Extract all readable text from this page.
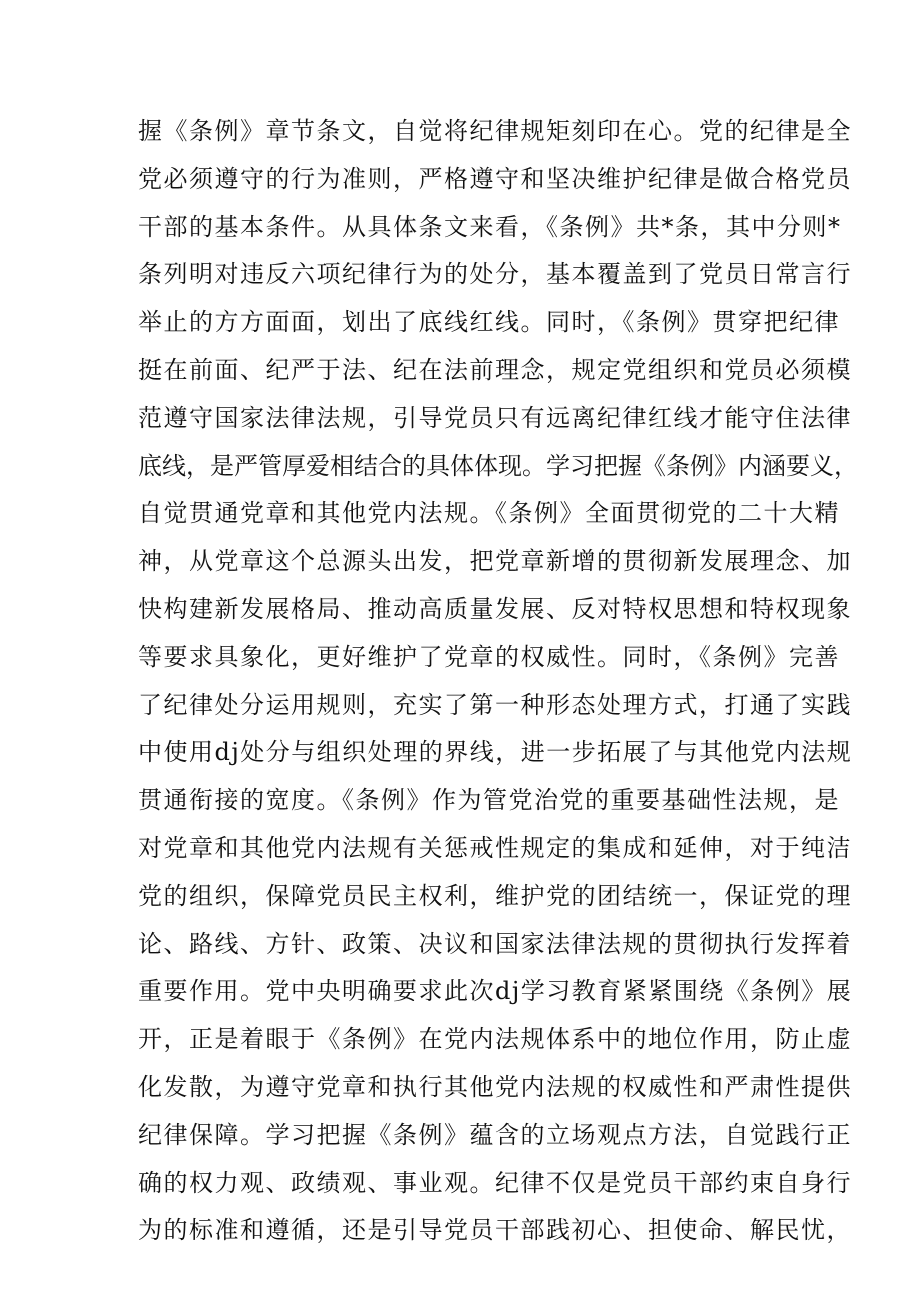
握《条例》章节条文，自觉将纪律规矩刻印在心。党的纪律是全
党必须遵守的行为准则，严格遵守和坚决维护纪律是做合格党员
干部的基本条件。从具体条文来看，《条例》共*条，其中分则*
条列明对违反六项纪律行为的处分，基本覆盖到了党员日常言行
举止的方方面面，划出了底线红线。同时，《条例》贯穿把纪律
挺在前面、纪严于法、纪在法前理念，规定党组织和党员必须模
范遵守国家法律法规，引导党员只有远离纪律红线才能守住法律
底线，是严管厚爱相结合的具体体现。学习把握《条例》内涵要义，
自觉贯通党章和其他党内法规。《条例》全面贯彻党的二十大精
神，从党章这个总源头出发，把党章新增的贯彻新发展理念、加
快构建新发展格局、推动高质量发展、反对特权思想和特权现象
等要求具象化，更好维护了党章的权威性。同时，《条例》完善
了纪律处分运用规则，充实了第一种形态处理方式，打通了实践
中使用dj处分与组织处理的界线，进一步拓展了与其他党内法规
贯通衔接的宽度。《条例》作为管党治党的重要基础性法规，是
对党章和其他党内法规有关惩戒性规定的集成和延伸，对于纯洁
党的组织，保障党员民主权利，维护党的团结统一，保证党的理
论、路线、方针、政策、决议和国家法律法规的贯彻执行发挥着
重要作用。党中央明确要求此次dj学习教育紧紧围绕《条例》展
开，正是着眼于《条例》在党内法规体系中的地位作用，防止虚
化发散，为遵守党章和执行其他党内法规的权威性和严肃性提供
纪律保障。学习把握《条例》蕴含的立场观点方法，自觉践行正
确的权力观、政绩观、事业观。纪律不仅是党员干部约束自身行
为的标准和遵循，还是引导党员干部践初心、担使命、解民忧，
